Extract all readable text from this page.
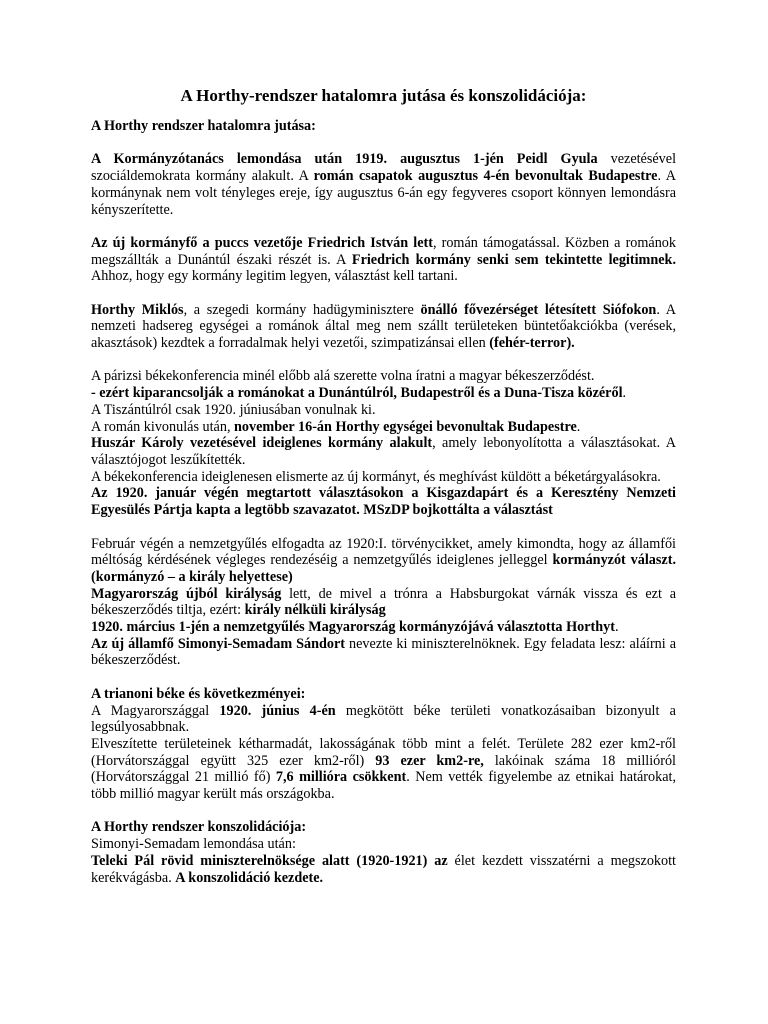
A Horthy-rendszer hatalomra jutása és konszolidációja:

A Horthy rendszer hatalomra jutása:

A Kormányzótanács lemondása után 1919. augusztus 1-jén Peidl Gyula vezetésével szociáldemokrata kormány alakult. A román csapatok augusztus 4-én bevonultak Budapestre. A kormánynak nem volt tényleges ereje, így augusztus 6-án egy fegyveres csoport könnyen lemondásra kényszerítette.

Az új kormányfő a puccs vezetője Friedrich István lett, román támogatással. Közben a románok megszállták a Dunántúl északi részét is. A Friedrich kormány senki sem tekintette legitimnek. Ahhoz, hogy egy kormány legitim legyen, választást kell tartani.

Horthy Miklós, a szegedi kormány hadügyminisztere önálló fővezérséget létesített Siófokon. A nemzeti hadsereg egységei a románok által meg nem szállt területeken büntetőakciókba (verések, akasztások) kezdtek a forradalmak helyi vezetői, szimpatizánsai ellen (fehér-terror).

A párizsi békekonferencia minél előbb alá szerette volna íratni a magyar békeszerződést.

- ezért kiparancsolják a románokat a Dunántúlról, Budapestről és a Duna-Tisza közéről.

A Tiszántúlról csak 1920. júniusában vonulnak ki.

A román kivonulás után, november 16-án Horthy egységei bevonultak Budapestre.

Huszár Károly vezetésével ideiglenes kormány alakult, amely lebonyolította a választásokat. A választójogot leszűkítették.

A békekonferencia ideiglenesen elismerte az új kormányt, és meghívást küldött a béketárgyalásokra.

Az 1920. január végén megtartott választásokon a Kisgazdapárt és a Keresztény Nemzeti Egyesülés Pártja kapta a legtöbb szavazatot. MSzDP bojkottálta a választást

Február végén a nemzetgyűlés elfogadta az 1920:I. törvénycikket, amely kimondta, hogy az államfői méltóság kérdésének végleges rendezéséig a nemzetgyűlés ideiglenes jelleggel kormányzót választ. (kormányzó – a király helyettese)

Magyarország újból királyság lett, de mivel a trónra a Habsburgokat várnák vissza és ezt a békeszerződés tiltja, ezért: király nélküli királyság

1920. március 1-jén a nemzetgyűlés Magyarország kormányzójává választotta Horthyt.

Az új államfő Simonyi-Semadam Sándort nevezte ki miniszterelnöknek. Egy feladata lesz: aláírni a békeszerződést.

A trianoni béke és következményei:

A Magyarországgal 1920. június 4-én megkötött béke területi vonatkozásaiban bizonyult a legsúlyosabbnak.

Elveszítette területeinek kétharmadát, lakosságának több mint a felét. Területe 282 ezer km2-ről (Horvátországgal együtt 325 ezer km2-ről) 93 ezer km2-re, lakóinak száma 18 millióról (Horvátországgal 21 millió fő) 7,6 millióra csökkent. Nem vették figyelembe az etnikai határokat, több millió magyar került más országokba.

A Horthy rendszer konszolidációja:

Simonyi-Semadam lemondása után:

Teleki Pál rövid miniszterelnöksége alatt (1920-1921) az élet kezdett visszatérni a megszokott kerékvágásba. A konszolidáció kezdete.
